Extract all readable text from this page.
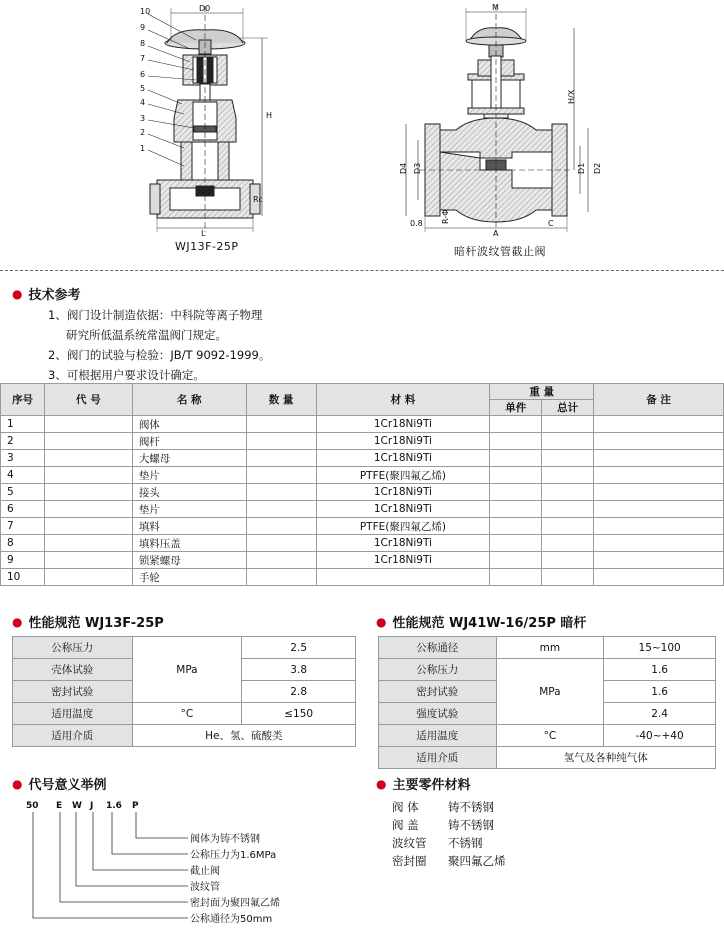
10
9
8
7
6
5
4
3
2
1
D0
H
Rc
L
M
H/X
D4 D3	D1 D2
R-Φ	C
0.8
A
WJ13F-25P	暗杆波纹管截止阀
● 技术参考
1、阀门设计制造依据：中科院等离子物理
研究所低温系统常温阀门规定。
2、阀门的试验与检验：JB/T 9092-1999。
3、可根据用户要求设计确定。
序号	代 号	名 称	数 量	材 料	重 量		备 注
					单件	总计	
1		阀体		1Cr18Ni9Ti			
2		阀杆		1Cr18Ni9Ti			
3		大螺母		1Cr18Ni9Ti			
4		垫片		PTFE(聚四氟乙烯)			
5		接头		1Cr18Ni9Ti			
6		垫片		1Cr18Ni9Ti			
7		填料		PTFE(聚四氟乙烯)			
8		填料压盖		1Cr18Ni9Ti			
9		锁紧螺母		1Cr18Ni9Ti			
10		手轮					
● 性能规范 WJ13F-25P
公称压力	MPa	2.5
壳体试验		3.8
密封试验		2.8
适用温度	°C	≤150
适用介质	He、氢、硫酸类	
● 性能规范 WJ41W-16/25P 暗杆
公称通径	mm	15~100
公称压力	MPa	1.6
密封试验		1.6
强度试验		2.4
适用温度	°C	-40~+40
适用介质	氢气及各种纯气体	
● 代号意义举例
50 E W J 1.6 P
阀体为铸不锈钢
公称压力为1.6MPa
截止阀
波纹管
密封面为聚四氟乙烯
公称通径为50mm
● 主要零件材料
阀 体	铸不锈钢
阀 盖	铸不锈钢
波纹管 不锈钢
密封圈 聚四氟乙烯
